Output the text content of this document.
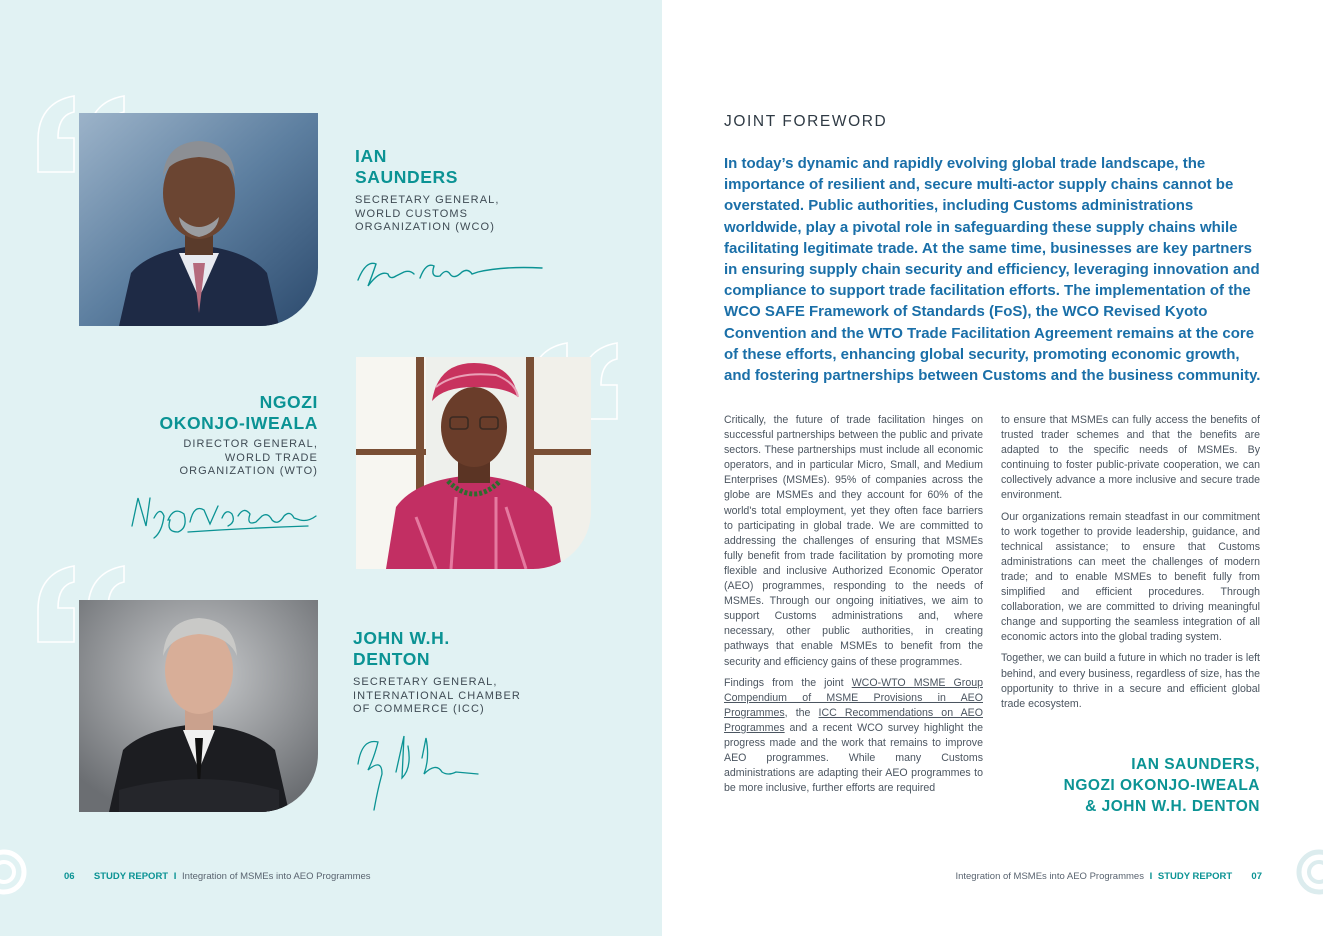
IAN
SAUNDERS

SECRETARY GENERAL,
WORLD CUSTOMS
ORGANIZATION (WCO)

NGOZI
OKONJO-IWEALA

DIRECTOR GENERAL,
WORLD TRADE
ORGANIZATION (WTO)

JOHN W.H.
DENTON

SECRETARY GENERAL,
INTERNATIONAL CHAMBER
OF COMMERCE (ICC)

06 STUDY REPORT I Integration of MSMEs into AEO Programmes
JOINT FOREWORD

In today’s dynamic and rapidly evolving global trade landscape, the importance of resilient and, secure multi-actor supply chains cannot be overstated. Public authorities, including Customs administrations worldwide, play a pivotal role in safeguarding these supply chains while facilitating legitimate trade. At the same time, businesses are key partners in ensuring supply chain security and efficiency, leveraging innovation and compliance to support trade facilitation efforts. The implementation of the WCO SAFE Framework of Standards (FoS), the WCO Revised Kyoto Convention and the WTO Trade Facilitation Agreement remains at the core of these efforts, enhancing global security, promoting economic growth, and fostering partnerships between Customs and the business community.

Critically, the future of trade facilitation hinges on successful partnerships between the public and private sectors. These partnerships must include all economic operators, and in particular Micro, Small, and Medium Enterprises (MSMEs). 95% of companies across the globe are MSMEs and they account for 60% of the world's total employment, yet they often face barriers to participating in global trade. We are committed to addressing the challenges of ensuring that MSMEs fully benefit from trade facilitation by promoting more flexible and inclusive Authorized Economic Operator (AEO) programmes, responding to the needs of MSMEs. Through our ongoing initiatives, we aim to support Customs administrations and, where necessary, other public authorities, in creating pathways that enable MSMEs to benefit from the security and efficiency gains of these programmes.

Findings from the joint WCO-WTO MSME Group Compendium of MSME Provisions in AEO Programmes, the ICC Recommendations on AEO Programmes and a recent WCO survey highlight the progress made and the work that remains to improve AEO programmes. While many Customs administrations are adapting their AEO programmes to be more inclusive, further efforts are required

to ensure that MSMEs can fully access the benefits of trusted trader schemes and that the benefits are adapted to the specific needs of MSMEs. By continuing to foster public-private cooperation, we can collectively advance a more inclusive and secure trade environment.

Our organizations remain steadfast in our commitment to work together to provide leadership, guidance, and technical assistance; to ensure that Customs administrations can meet the challenges of modern trade; and to enable MSMEs to benefit fully from simplified and efficient procedures. Through collaboration, we are committed to driving meaningful change and supporting the seamless integration of all economic actors into the global trading system.

Together, we can build a future in which no trader is left behind, and every business, regardless of size, has the opportunity to thrive in a secure and efficient global trade ecosystem.

IAN SAUNDERS,
NGOZI OKONJO-IWEALA
& JOHN W.H. DENTON
Integration of MSMEs into AEO Programmes I STUDY REPORT 07
